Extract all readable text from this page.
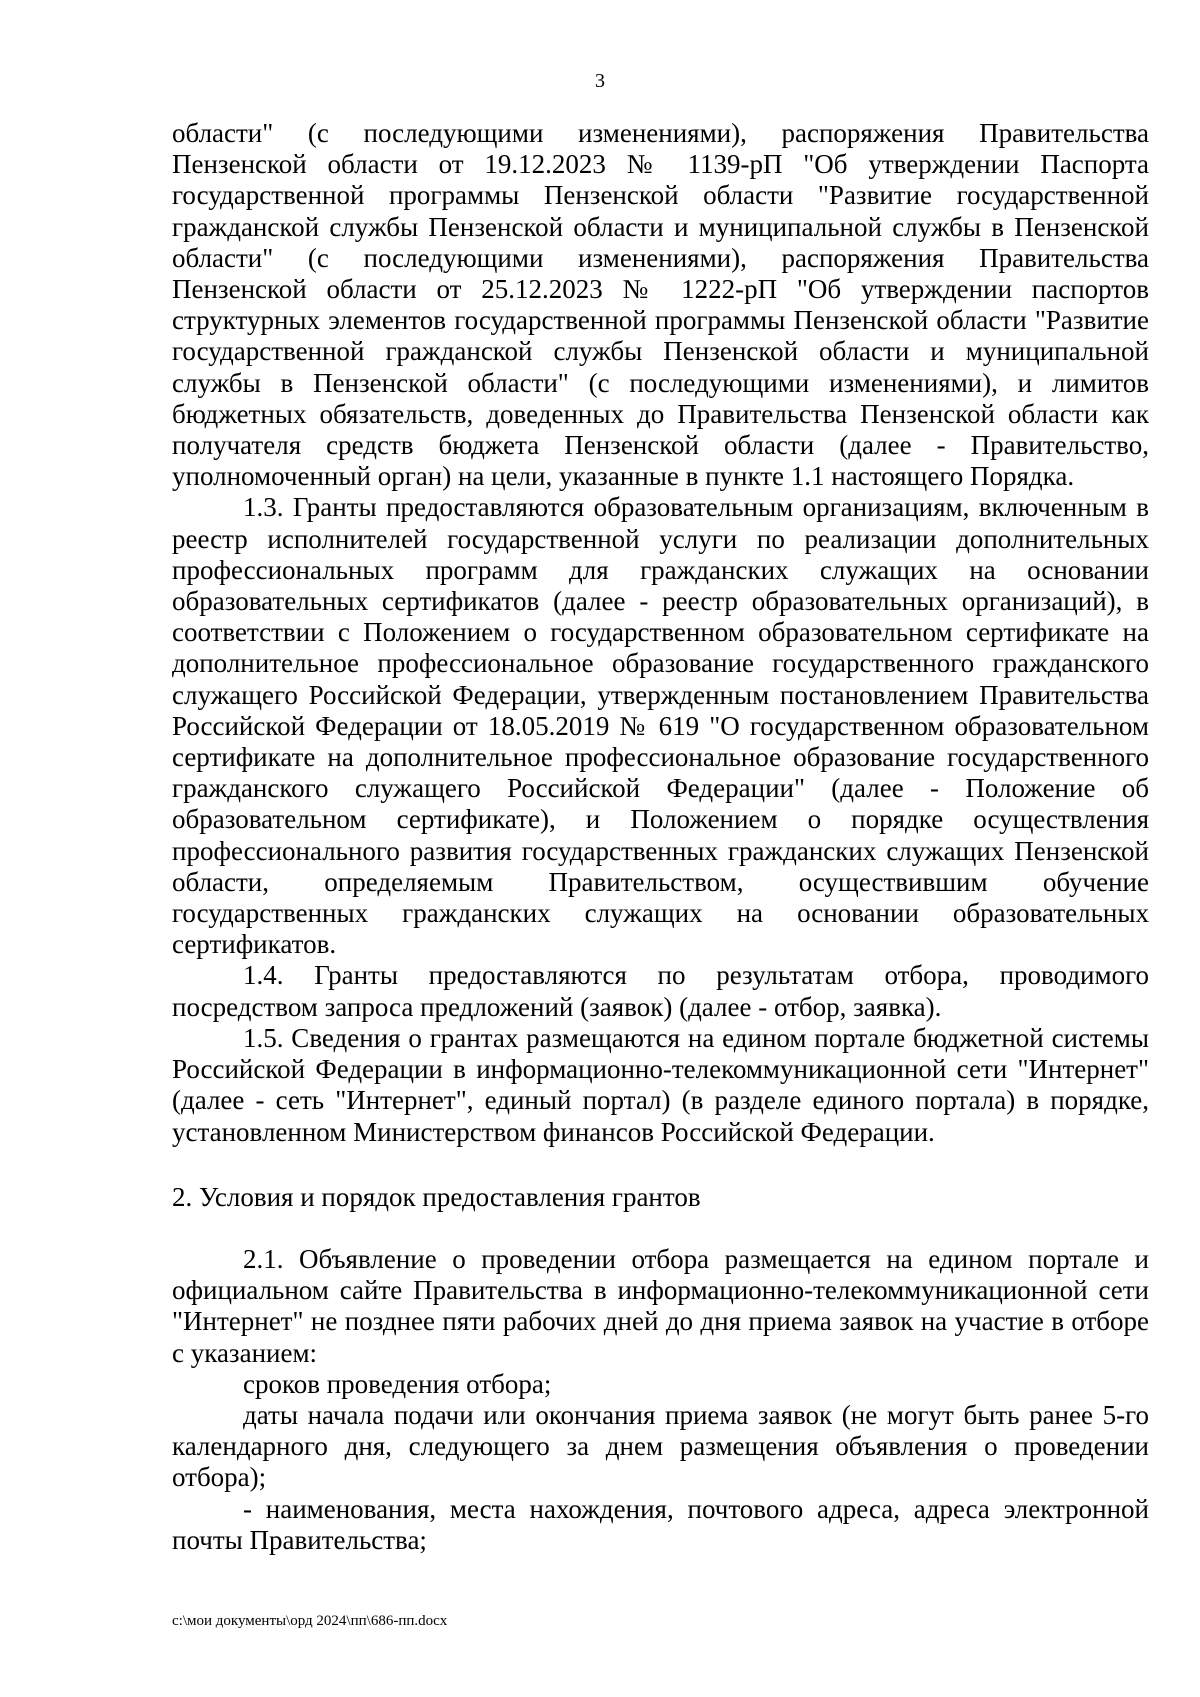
3

области" (с последующими изменениями), распоряжения Правительства Пензенской области от 19.12.2023 № 1139-рП "Об утверждении Паспорта государственной программы Пензенской области "Развитие государственной гражданской службы Пензенской области и муниципальной службы в Пензенской области" (с последующими изменениями), распоряжения Правительства Пензенской области от 25.12.2023 № 1222-рП "Об утверждении паспортов структурных элементов государственной программы Пензенской области "Развитие государственной гражданской службы Пензенской области и муниципальной службы в Пензенской области" (с последующими изменениями), и лимитов бюджетных обязательств, доведенных до Правительства Пензенской области как получателя средств бюджета Пензенской области (далее - Правительство, уполномоченный орган) на цели, указанные в пункте 1.1 настоящего Порядка.

1.3. Гранты предоставляются образовательным организациям, включенным в реестр исполнителей государственной услуги по реализации дополнительных профессиональных программ для гражданских служащих на основании образовательных сертификатов (далее - реестр образовательных организаций), в соответствии с Положением о государственном образовательном сертификате на дополнительное профессиональное образование государственного гражданского служащего Российской Федерации, утвержденным постановлением Правительства Российской Федерации от 18.05.2019 № 619 "О государственном образовательном сертификате на дополнительное профессиональное образование государственного гражданского служащего Российской Федерации" (далее - Положение об образовательном сертификате), и Положением о порядке осуществления профессионального развития государственных гражданских служащих Пензенской области, определяемым Правительством, осуществившим обучение государственных гражданских служащих на основании образовательных сертификатов.

1.4. Гранты предоставляются по результатам отбора, проводимого посредством запроса предложений (заявок) (далее - отбор, заявка).

1.5. Сведения о грантах размещаются на едином портале бюджетной системы Российской Федерации в информационно-телекоммуникационной сети "Интернет" (далее - сеть "Интернет", единый портал) (в разделе единого портала) в порядке, установленном Министерством финансов Российской Федерации.

2. Условия и порядок предоставления грантов

2.1. Объявление о проведении отбора размещается на едином портале и официальном сайте Правительства в информационно-телекоммуникационной сети "Интернет" не позднее пяти рабочих дней до дня приема заявок на участие в отборе с указанием:

сроков проведения отбора;

даты начала подачи или окончания приема заявок (не могут быть ранее 5-го календарного дня, следующего за днем размещения объявления о проведении отбора);

- наименования, места нахождения, почтового адреса, адреса электронной почты Правительства;

c:\мои документы\орд 2024\пп\686-пп.docx
